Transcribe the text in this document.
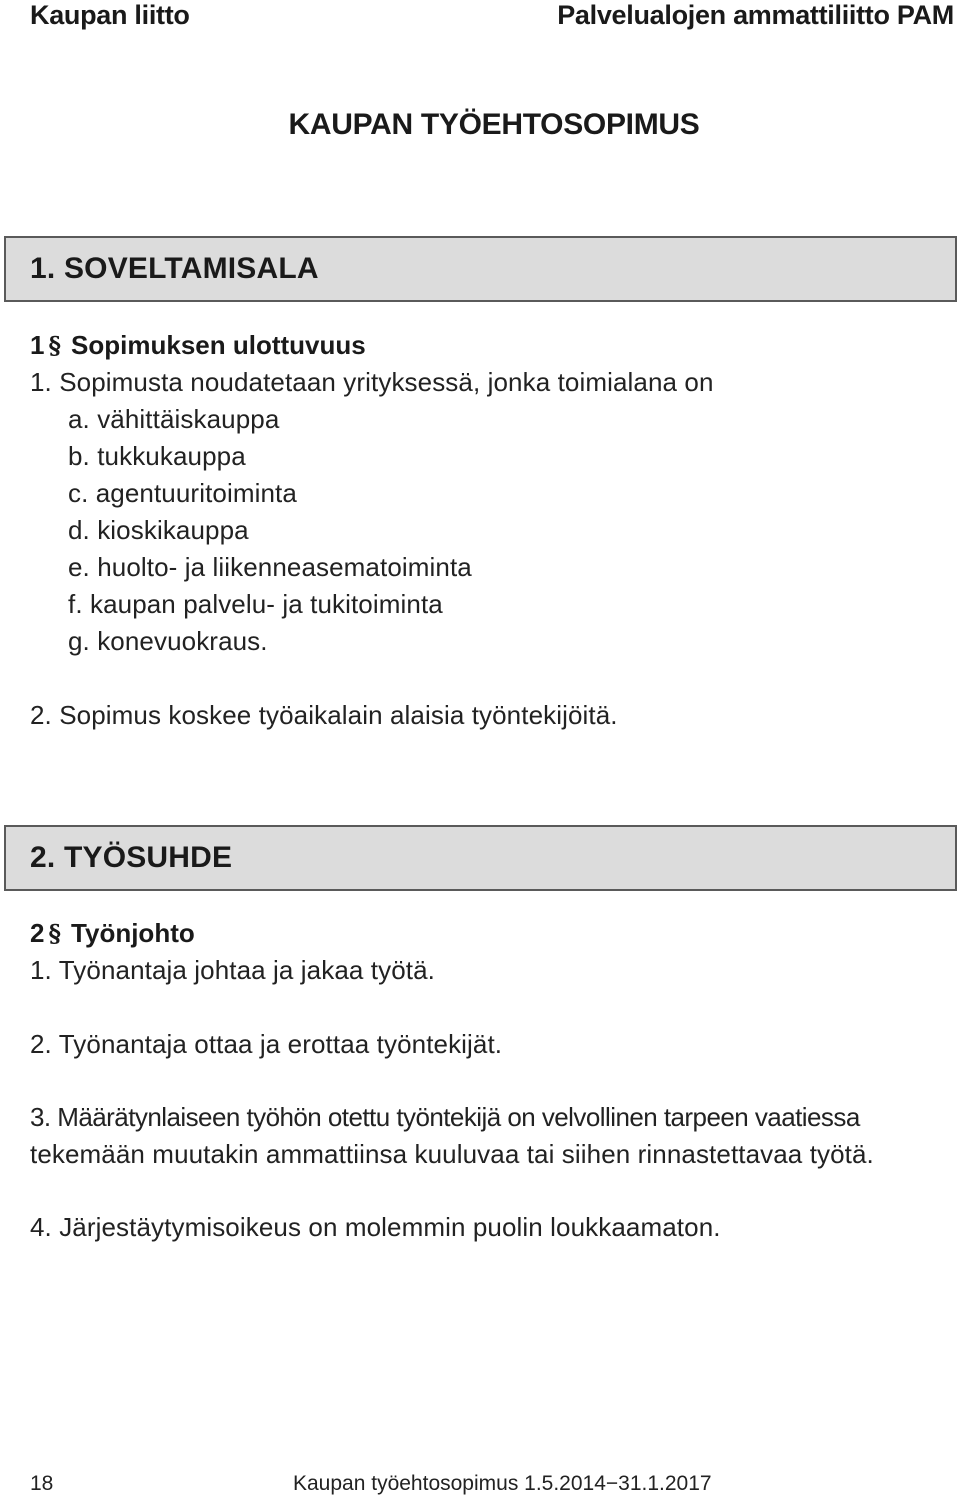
Kaupan liitto	Palvelualojen ammattiliitto PAM
KAUPAN TYÖEHTOSOPIMUS
1. SOVELTAMISALA
1 § Sopimuksen ulottuvuus
1. Sopimusta noudatetaan yrityksessä, jonka toimialana on
a. vähittäiskauppa
b. tukkukauppa
c. agentuuritoiminta
d. kioskikauppa
e. huolto- ja liikenneasematoiminta
f. kaupan palvelu- ja tukitoiminta
g. konevuokraus.
2. Sopimus koskee työaikalain alaisia työntekijöitä.
2. TYÖSUHDE
2 § Työnjohto
1. Työnantaja johtaa ja jakaa työtä.
2. Työnantaja ottaa ja erottaa työntekijät.
3. Määrätynlaiseen työhön otettu työntekijä on velvollinen tarpeen vaatiessa
tekemään muutakin ammattiinsa kuuluvaa tai siihen rinnastettavaa työtä.
4. Järjestäytymisoikeus on molemmin puolin loukkaamaton.
18	Kaupan työehtosopimus 1.5.2014−31.1.2017
